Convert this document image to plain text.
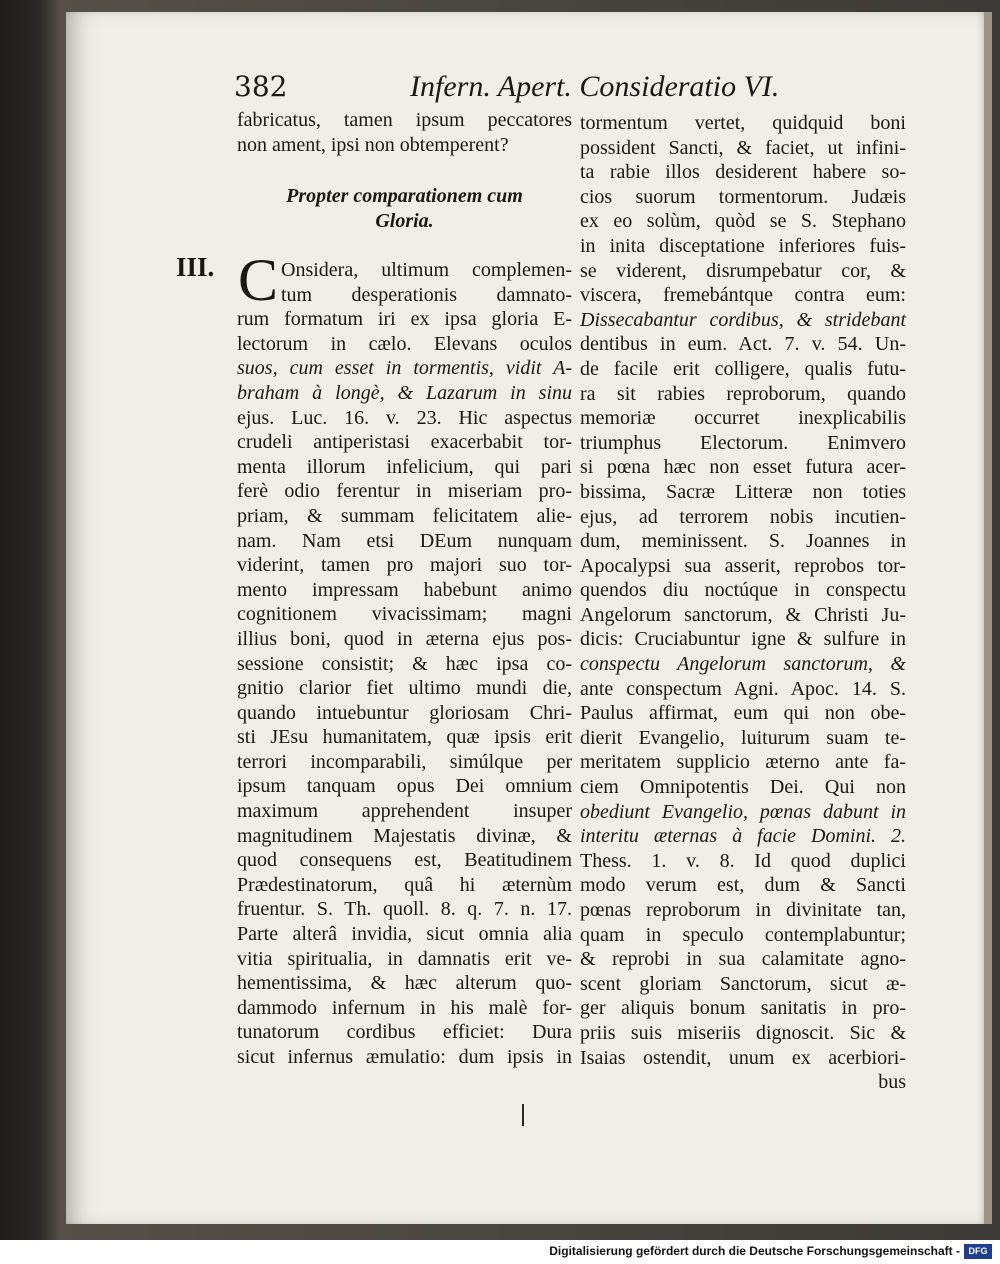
382	Infern. Apert. Consideratio VI.
fabricatus, tamen ipsum peccatores
non ament, ipsi non obtemperent?
Propter comparationem cum
Gloria.
III. C Onsidera, ultimum complemen-
tum desperationis damnato-
rum formatum iri ex ipsa gloria E-
lectorum in cælo. Elevans oculos
suos, cum esset in tormentis, vidit A-
braham à longè, & Lazarum in sinu
ejus. Luc. 16. v. 23. Hic aspectus
crudeli antiperistasi exacerbabit tor-
menta illorum infelicium, qui pari
ferè odio ferentur in miseriam pro-
priam, & summam felicitatem alie-
nam. Nam etsi DEum nunquam
viderint, tamen pro majori suo tor-
mento impressam habebunt animo
cognitionem vivacissimam; magni
illius boni, quod in æterna ejus pos-
sessione consistit; & hæc ipsa co-
gnitio clarior fiet ultimo mundi die,
quando intuebuntur gloriosam Chri-
sti JEsu humanitatem, quæ ipsis erit
terrori incomparabili, simúlque per
ipsum tanquam opus Dei omnium
maximum apprehendent insuper
magnitudinem Majestatis divinæ, &
quod consequens est, Beatitudinem
Prædestinatorum, quâ hi æternùm
fruentur. S. Th. quoll. 8. q. 7. n. 17.
Parte alterâ invidia, sicut omnia alia
vitia spiritualia, in damnatis erit ve-
hementissima, & hæc alterum quo-
dammodo infernum in his malè for-
tunatorum cordibus efficiet: Dura
sicut infernus æmulatio: dum ipsis in
tormentum vertet, quidquid boni
possident Sancti, & faciet, ut infini-
ta rabie illos desiderent habere so-
cios suorum tormentorum. Judæis
ex eo solùm, quòd se S. Stephano
in inita disceptatione inferiores fuis-
se viderent, disrumpebatur cor, &
viscera, fremebántque contra eum:
Dissecabantur cordibus, & stridebant
dentibus in eum. Act. 7. v. 54. Un-
de facile erit colligere, qualis futu-
ra sit rabies reproborum, quando
memoriæ occurret inexplicabilis
triumphus Electorum. Enimvero
si pœna hæc non esset futura acer-
bissima, Sacræ Litteræ non toties
ejus, ad terrorem nobis incutien-
dum, meminissent. S. Joannes in
Apocalypsi sua asserit, reprobos tor-
quendos diu noctúque in conspectu
Angelorum sanctorum, & Christi Ju-
dicis: Cruciabuntur igne & sulfure in
conspectu Angelorum sanctorum, &
ante conspectum Agni. Apoc. 14. S.
Paulus affirmat, eum qui non obe-
dierit Evangelio, luiturum suam te-
meritatem supplicio æterno ante fa-
ciem Omnipotentis Dei. Qui non
obediunt Evangelio, pœnas dabunt in
interitu æternas à facie Domini. 2.
Thess. 1. v. 8. Id quod duplici
modo verum est, dum & Sancti
pœnas reproborum in divinitate tan,
quam in speculo contemplabuntur;
& reprobi in sua calamitate agno-
scent gloriam Sanctorum, sicut æ-
ger aliquis bonum sanitatis in pro-
priis suis miseriis dignoscit. Sic &
Isaias ostendit, unum ex acerbiori-
bus
Digitalisierung gefördert durch die Deutsche Forschungsgemeinschaft - DFG
